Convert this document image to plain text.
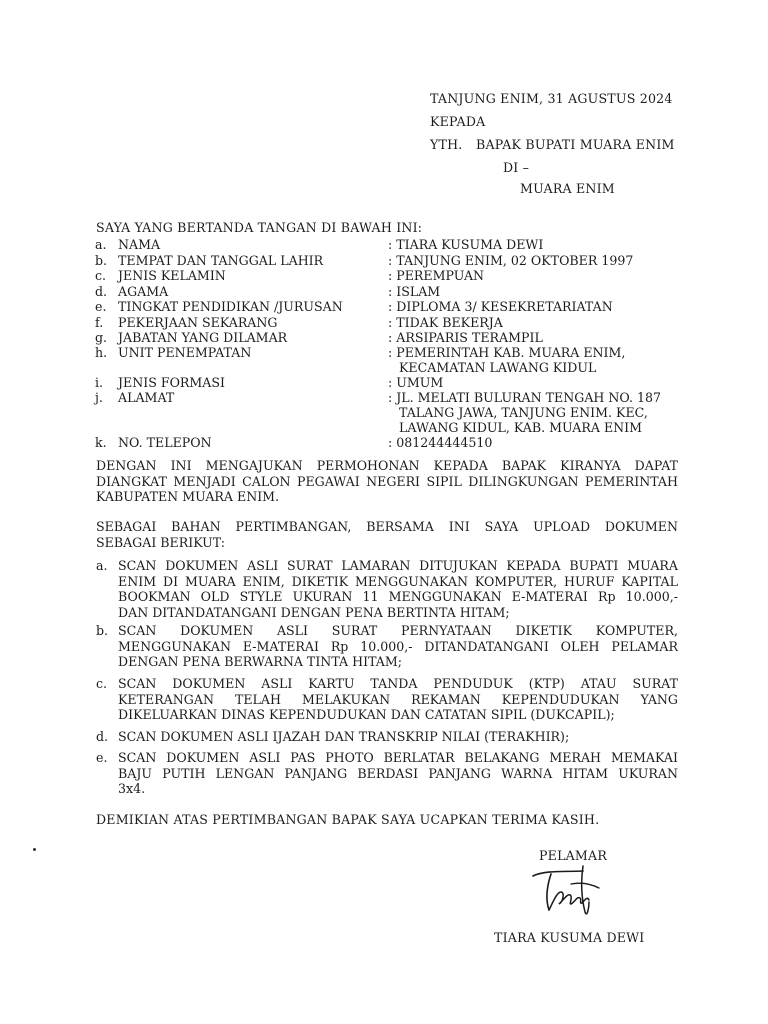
TANJUNG ENIM, 31 AGUSTUS 2024
KEPADA
YTH. BAPAK BUPATI MUARA ENIM
DI –
MUARA ENIM
SAYA YANG BERTANDA TANGAN DI BAWAH INI:
a. NAMA	: TIARA KUSUMA DEWI
b. TEMPAT DAN TANGGAL LAHIR	: TANJUNG ENIM, 02 OKTOBER 1997
c. JENIS KELAMIN	: PEREMPUAN
d. AGAMA	: ISLAM
e. TINGKAT PENDIDIKAN /JURUSAN	: DIPLOMA 3/ KESEKRETARIATAN
f. PEKERJAAN SEKARANG	: TIDAK BEKERJA
g. JABATAN YANG DILAMAR	: ARSIPARIS TERAMPIL
h. UNIT PENEMPATAN	: PEMERINTAH KAB. MUARA ENIM,
KECAMATAN LAWANG KIDUL
i. JENIS FORMASI	: UMUM
j. ALAMAT	: JL. MELATI BULURAN TENGAH NO. 187
TALANG JAWA, TANJUNG ENIM. KEC,
LAWANG KIDUL, KAB. MUARA ENIM
k. NO. TELEPON	: 081244444510
DENGAN INI MENGAJUKAN PERMOHONAN KEPADA BAPAK KIRANYA DAPAT
DIANGKAT MENJADI CALON PEGAWAI NEGERI SIPIL DILINGKUNGAN PEMERINTAH
KABUPATEN MUARA ENIM.
SEBAGAI BAHAN PERTIMBANGAN, BERSAMA INI SAYA UPLOAD DOKUMEN
SEBAGAI BERIKUT:
a. SCAN DOKUMEN ASLI SURAT LAMARAN DITUJUKAN KEPADA BUPATI MUARA
ENIM DI MUARA ENIM, DIKETIK MENGGUNAKAN KOMPUTER, HURUF KAPITAL
BOOKMAN OLD STYLE UKURAN 11 MENGGUNAKAN E-MATERAI Rp 10.000,-
DAN DITANDATANGANI DENGAN PENA BERTINTA HITAM;
b. SCAN DOKUMEN ASLI SURAT PERNYATAAN DIKETIK KOMPUTER,
MENGGUNAKAN E-MATERAI Rp 10.000,- DITANDATANGANI OLEH PELAMAR
DENGAN PENA BERWARNA TINTA HITAM;
c. SCAN DOKUMEN ASLI KARTU TANDA PENDUDUK (KTP) ATAU SURAT
KETERANGAN TELAH MELAKUKAN REKAMAN KEPENDUDUKAN YANG
DIKELUARKAN DINAS KEPENDUDUKAN DAN CATATAN SIPIL (DUKCAPIL);
d. SCAN DOKUMEN ASLI IJAZAH DAN TRANSKRIP NILAI (TERAKHIR);
e. SCAN DOKUMEN ASLI PAS PHOTO BERLATAR BELAKANG MERAH MEMAKAI
BAJU PUTIH LENGAN PANJANG BERDASI PANJANG WARNA HITAM UKURAN
3x4.
DEMIKIAN ATAS PERTIMBANGAN BAPAK SAYA UCAPKAN TERIMA KASIH.
PELAMAR
TIARA KUSUMA DEWI
